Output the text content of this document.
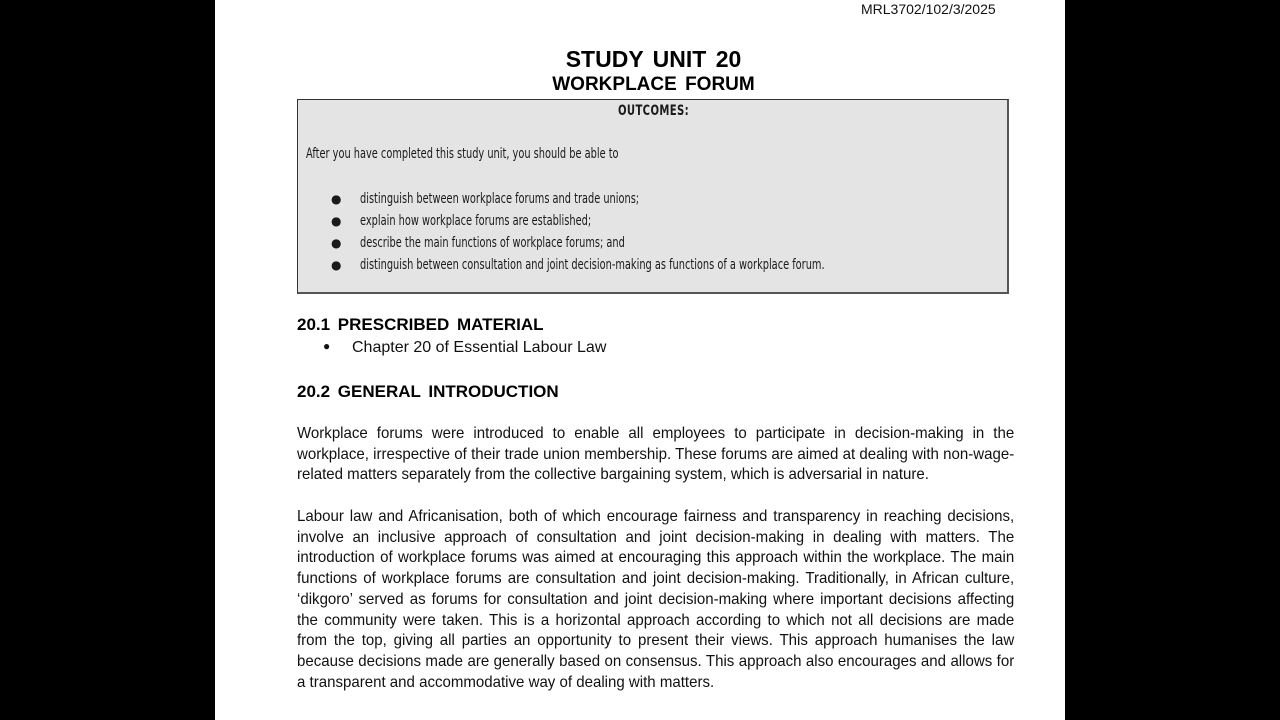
MRL3702/102/3/2025
STUDY UNIT 20
WORKPLACE FORUM
OUTCOMES:
After you have completed this study unit, you should be able to
● distinguish between workplace forums and trade unions;
● explain how workplace forums are established;
● describe the main functions of workplace forums; and
● distinguish between consultation and joint decision-making as functions of a workplace forum.
20.1 PRESCRIBED MATERIAL
● Chapter 20 of Essential Labour Law
20.2 GENERAL INTRODUCTION
Workplace forums were introduced to enable all employees to participate in decision-making in the workplace, irrespective of their trade union membership. These forums are aimed at dealing with non-wage-related matters separately from the collective bargaining system, which is adversarial in nature.
Labour law and Africanisation, both of which encourage fairness and transparency in reaching decisions, involve an inclusive approach of consultation and joint decision-making in dealing with matters. The introduction of workplace forums was aimed at encouraging this approach within the workplace. The main functions of workplace forums are consultation and joint decision-making. Traditionally, in African culture, ‘dikgoro’ served as forums for consultation and joint decision-making where important decisions affecting the community were taken. This is a horizontal approach according to which not all decisions are made from the top, giving all parties an opportunity to present their views. This approach humanises the law because decisions made are generally based on consensus. This approach also encourages and allows for a transparent and accommodative way of dealing with matters.
